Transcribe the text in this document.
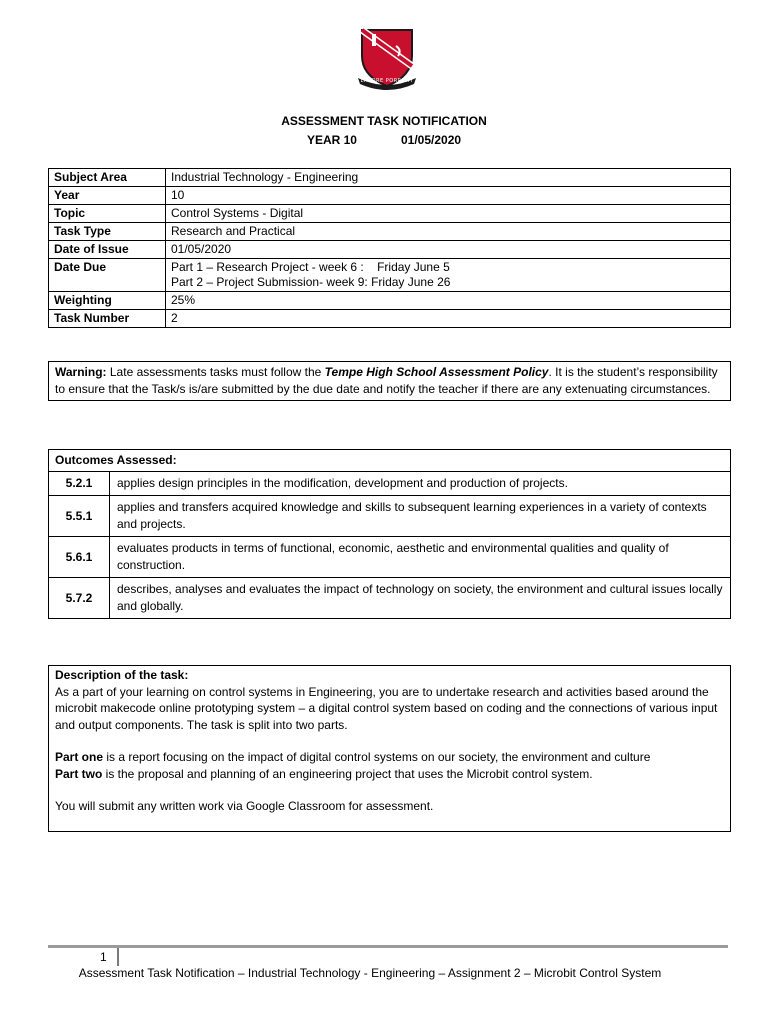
LABORE PORRIGIT
ASSESSMENT TASK NOTIFICATION
YEAR 10	01/05/2020
Subject Area	Industrial Technology - Engineering
Year	10
Topic	Control Systems - Digital
Task Type	Research and Practical
Date of Issue	01/05/2020
Date Due	Part 1 – Research Project - week 6 :    Friday June 5
Part 2 – Project Submission- week 9: Friday June 26

Weighting	25%
Task Number	2
Warning: Late assessments tasks must follow the Tempe High School Assessment Policy. It is the student’s responsibility to ensure that the Task/s is/are submitted by the due date and notify the teacher if there are any extenuating circumstances.
Outcomes Assessed:	
5.2.1	applies design principles in the modification, development and production of projects.
5.5.1	applies and transfers acquired knowledge and skills to subsequent learning experiences in a variety of contexts and projects.
5.6.1	evaluates products in terms of functional, economic, aesthetic and environmental qualities and quality of construction.
5.7.2	describes, analyses and evaluates the impact of technology on society, the environment and cultural issues locally and globally.

Description of the task:

As a part of your learning on control systems in Engineering, you are to undertake research and activities based around the microbit makecode online prototyping system – a digital control system based on coding and the connections of various input and output components. The task is split into two parts.

Part one is a report focusing on the impact of digital control systems on our society, the environment and culture

Part two is the proposal and planning of an engineering project that uses the Microbit control system.

You will submit any written work via Google Classroom for assessment.

1
Assessment Task Notification – Industrial Technology - Engineering – Assignment 2 – Microbit Control System
